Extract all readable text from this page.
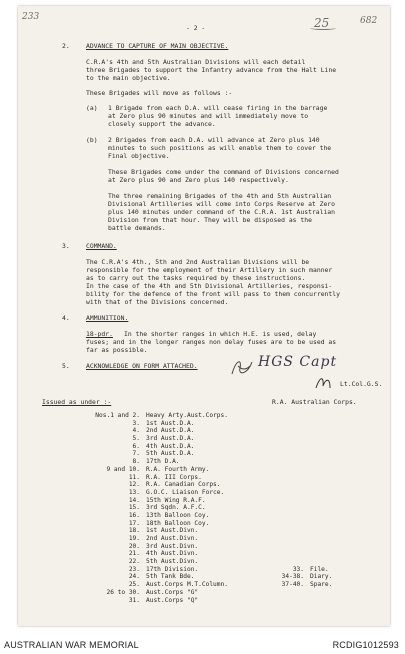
233	25	682
- 2 -
2.	ADVANCE TO CAPTURE OF MAIN OBJECTIVE.
C.R.A's 4th and 5th Australian Divisions will each detail
three Brigades to support the Infantry advance from the Halt Line
to the main objective.
These Brigades will move as follows :-
(a) 1 Brigade from each D.A. will cease firing in the barrage
at Zero plus 90 minutes and will immediately move to
closely support the advance.
(b) 2 Brigades from each D.A. will advance at Zero plus 140
minutes to such positions as will enable them to cover the
Final objective.
These Brigades come under the command of Divisions concerned
at Zero plus 90 and Zero plus 140 respectively.
The three remaining Brigades of the 4th and 5th Australian
Divisional Artilleries will come into Corps Reserve at Zero
plus 140 minutes under command of the C.R.A. 1st Australian
Division from that hour. They will be disposed as the
battle demands.
3.	COMMAND.
The C.R.A's 4th., 5th and 2nd Australian Divisions will be
responsible for the employment of their Artillery in such manner
as to carry out the tasks required by these instructions.
In the case of the 4th and 5th Divisional Artilleries, responsi-
bility for the defence of the front will pass to them concurrently
with that of the Divisions concerned.
4.	AMMUNITION.
18-pdr. In the shorter ranges in which H.E. is used, delay
fuses; and in the longer ranges non delay fuses are to be used as
far as possible.
5.	ACKNOWLEDGE ON FORM ATTACHED.	HGS Capt
Lt.Col.G.S.
R.A. Australian Corps.
Issued as under :-
Nos.1 and 2. Heavy Arty.Aust.Corps.
3. 1st Aust.D.A.
4. 2nd Aust.D.A.
5. 3rd Aust.D.A.
6. 4th Aust.D.A.
7. 5th Aust.D.A.
8. 17th D.A.
9 and 10. R.A. Fourth Army.
11. R.A. III Corps.
12. R.A. Canadian Corps.
13. G.O.C. Liaison Force.
14. 15th Wing R.A.F.
15. 3rd Sqdn. A.F.C.
16. 13th Balloon Coy.
17. 18th Balloon Coy.
18. 1st Aust.Divn.
19. 2nd Aust.Divn.
20. 3rd Aust.Divn.
21. 4th Aust.Divn.
22. 5th Aust.Divn.
23. 17th Division.	33. File.
24. 5th Tank Bde.	34-38. Diary.
25. Aust.Corps M.T.Column.	37-40. Spare.
26 to 30. Aust.Corps "G"
31. Aust.Corps "Q"
AUSTRALIAN WAR MEMORIAL	RCDIG1012593
